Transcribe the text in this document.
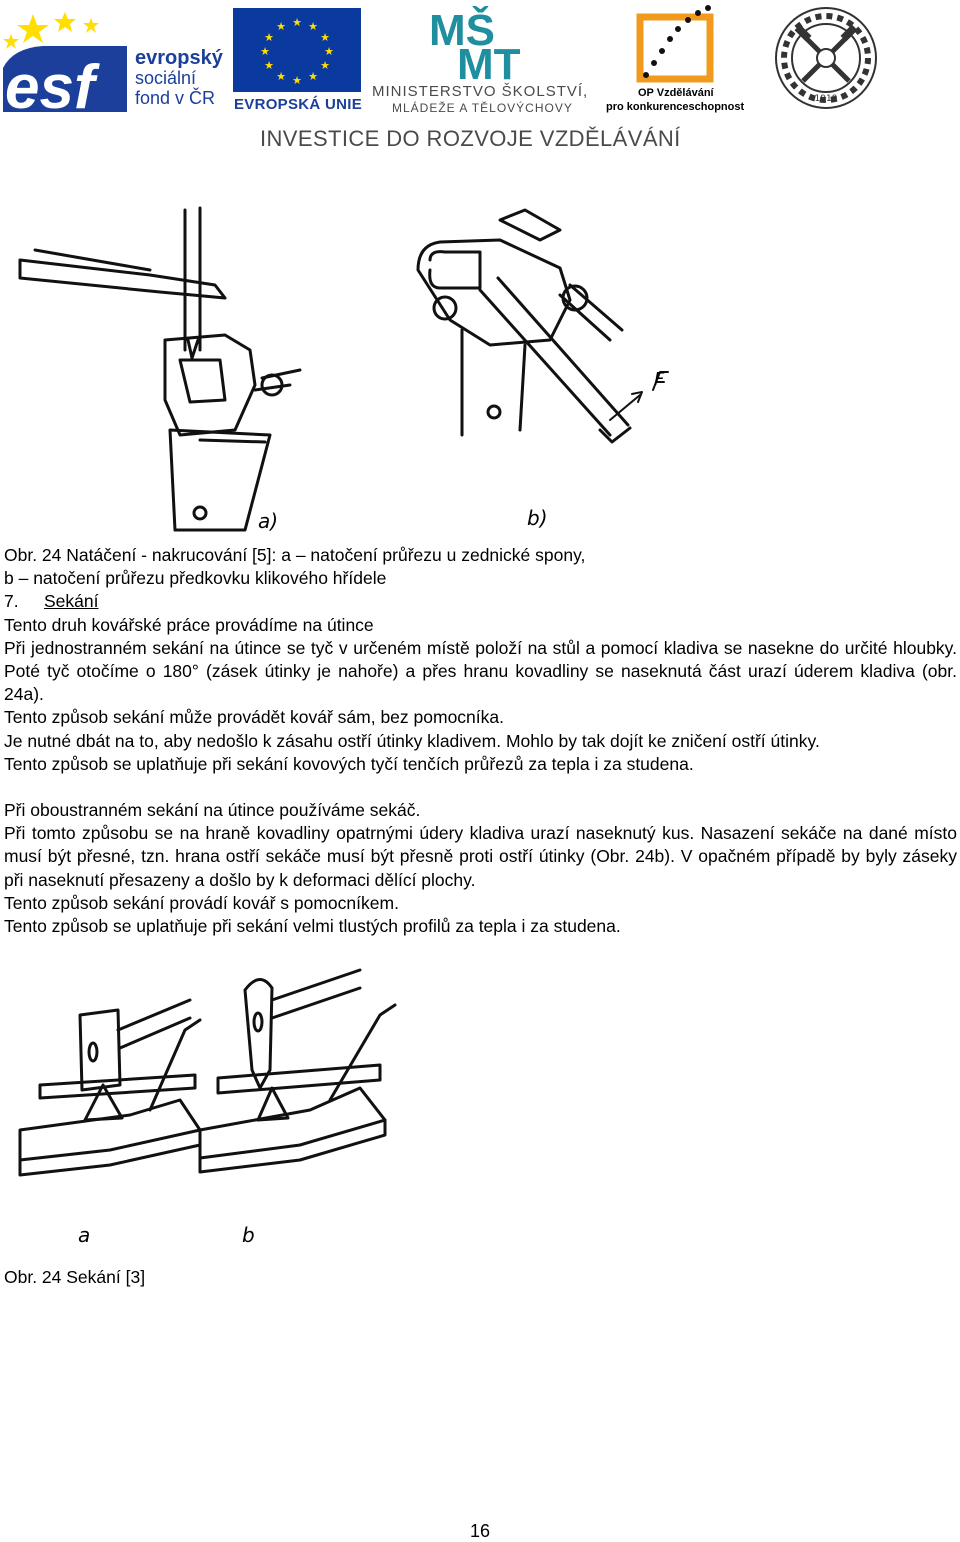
esf evropský
sociální
fond v ČR
★ ★
★
★
★
★
★
★
★
★
★
★
EVROPSKÁ UNIE
MŠ
MT
MINISTERSTVO ŠKOLSTVÍ,
MLÁDEŽE A TĚLOVÝCHOVY
OP Vzdělávání
pro konkurenceschopnost
1919
INVESTICE DO ROZVOJE VZDĚLÁVÁNÍ
a)	b)
F

Obr. 24 Natáčení - nakrucování [5]: a – natočení průřezu u zednické spony,

b – natočení průřezu předkovku klikového hřídele

7. Sekání

Tento druh kovářské práce provádíme na útince

Při jednostranném sekání na útince se tyč v určeném místě položí na stůl a pomocí kladiva se nasekne do určité hloubky. Poté tyč otočíme o 180° (zásek útinky je nahoře) a přes hranu kovadliny se naseknutá část urazí úderem kladiva (obr. 24a).

Tento způsob sekání může provádět kovář sám, bez pomocníka.

Je nutné dbát na to, aby nedošlo k zásahu ostří útinky kladivem. Mohlo by tak dojít ke zničení ostří útinky.

Tento způsob se uplatňuje při sekání kovových tyčí tenčích průřezů za tepla i za studena.

Při oboustranném sekání na útince používáme sekáč.

Při tomto způsobu se na hraně kovadliny opatrnými údery kladiva urazí naseknutý kus. Nasazení sekáče na dané místo musí být přesné, tzn. hrana ostří sekáče musí být přesně proti ostří útinky (Obr. 24b). V opačném případě by byly záseky při naseknutí přesazeny a došlo by k deformaci dělící plochy.

Tento způsob sekání provádí kovář s pomocníkem.

Tento způsob se uplatňuje při sekání velmi tlustých profilů za tepla i za studena.

a	b

Obr. 24 Sekání [3]

16
